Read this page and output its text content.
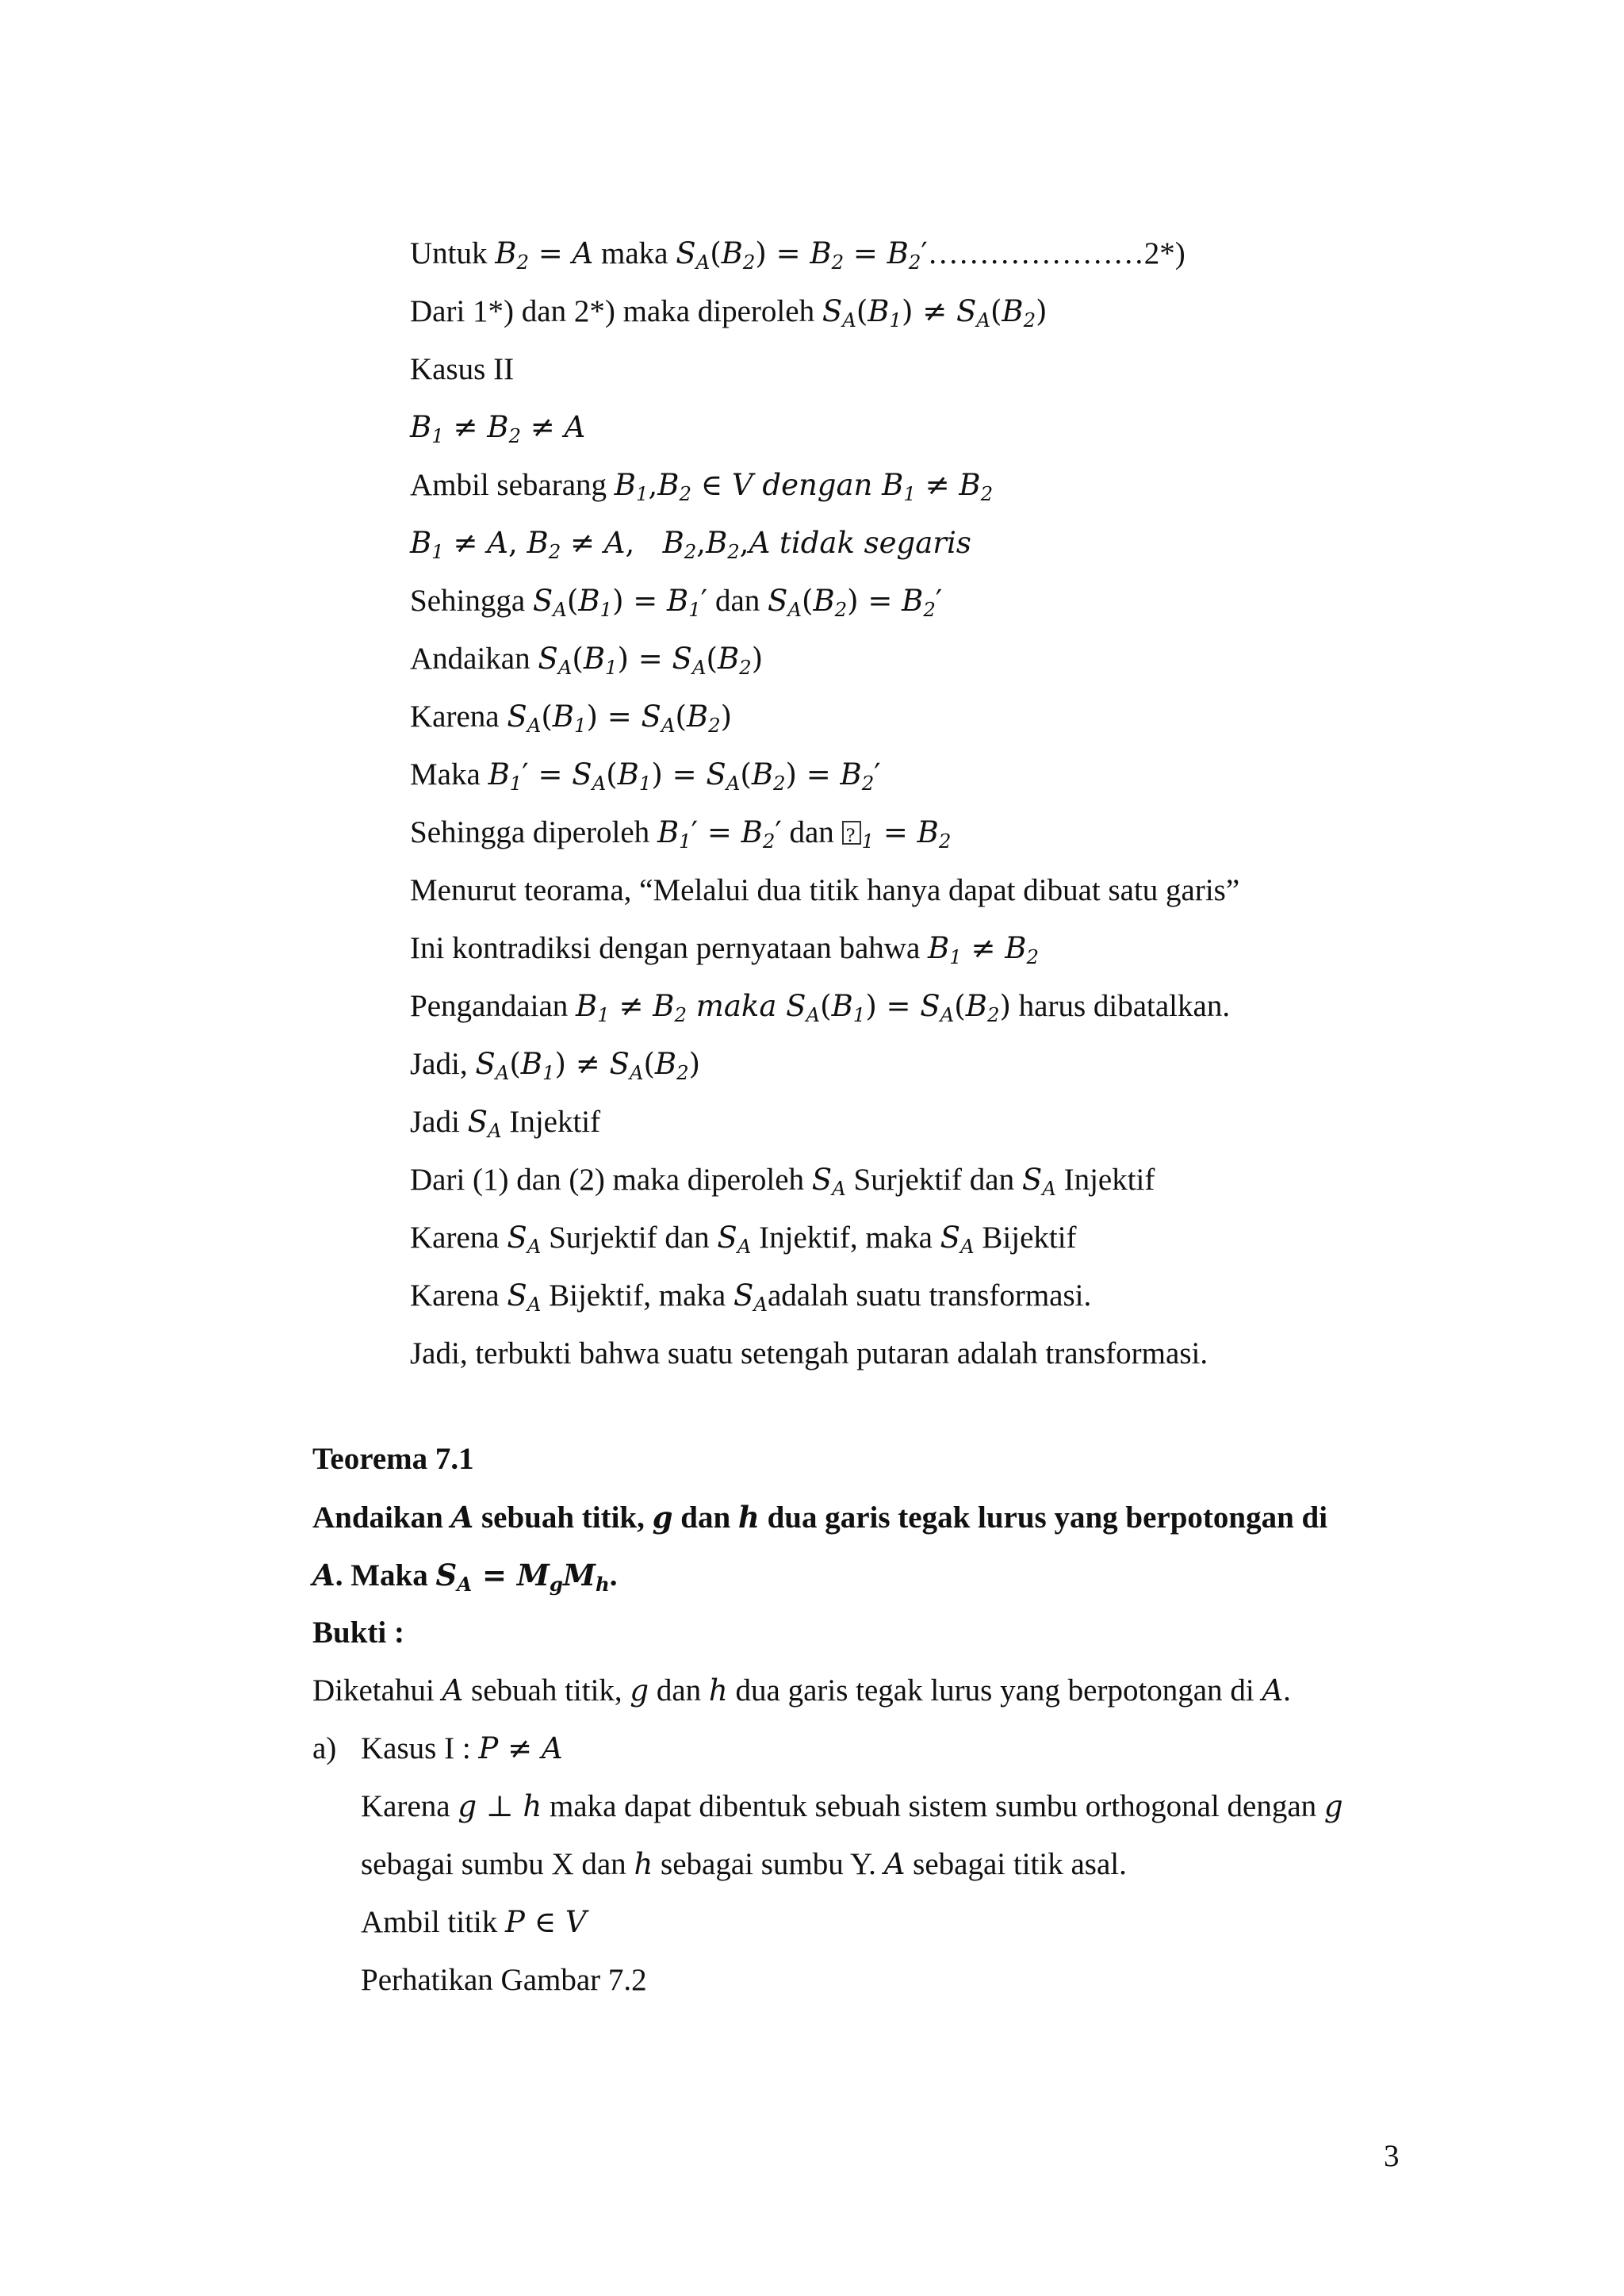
Untuk $B_2 = A$ maka $S_A(B_2) = B_2$ = $B_2'\dots\dots\dots\dots\dots\dots\dots 2*$)
Dari 1*) dan 2*) maka diperoleh $S_A(B_1) \ne S_A(B_2)$
Kasus II
$B_1 \ne B_2 \ne A$
Ambil sebarang $B_1,B_2$ ∈ V dengan $B_1 \ne B_2$
$B_1 \ne A$, $B_2 \ne A$,   $B_2,B_2,A$ tidak segaris
Sehingga $S_A(B_1) = B_1'$ dan $S_A(B_2) = B_2'$
Andaikan $S_A(B_1) = S_A(B_2)$
Karena $S_A(B_1) = S_A(B_2)$
Maka $B_1' = S_A(B_1) = S_A(B_2) = B_2'$
Sehingga diperoleh $B_1' = B_2'$ dan $?_1 = B_2$
Menurut teorama, “Melalui dua titik hanya dapat dibuat satu garis”
Ini kontradiksi dengan pernyataan bahwa $B_1 \ne B_2$
Pengandaian $B_1 \ne B_2$ maka $S_A(B_1) = S_A(B_2)$ harus dibatalkan.
Jadi, $S_A(B_1) \ne S_A(B_2)$
Jadi $S_A$ Injektif
Dari (1) dan (2) maka diperoleh $S_A$ Surjektif dan $S_A$ Injektif
Karena $S_A$ Surjektif dan $S_A$ Injektif, maka $S_A$ Bijektif
Karena $S_A$ Bijektif, maka $S_Aadalah$ suatu transformasi.
Jadi, terbukti bahwa suatu setengah putaran adalah transformasi.
Teorema 7.1
Andaikan A sebuah titik, g dan h dua garis tegak lurus yang berpotongan di
A. Maka $S_A = M_gM_h$.
Bukti :
Diketahui A sebuah titik, g dan h dua garis tegak lurus yang berpotongan di A.
a) Kasus I : P ≠ A
Karena g ⊥ h maka dapat dibentuk sebuah sistem sumbu orthogonal dengan g
sebagai sumbu X dan h sebagai sumbu Y. A sebagai titik asal.
Ambil titik P ∈ V
Perhatikan Gambar 7.2
3
